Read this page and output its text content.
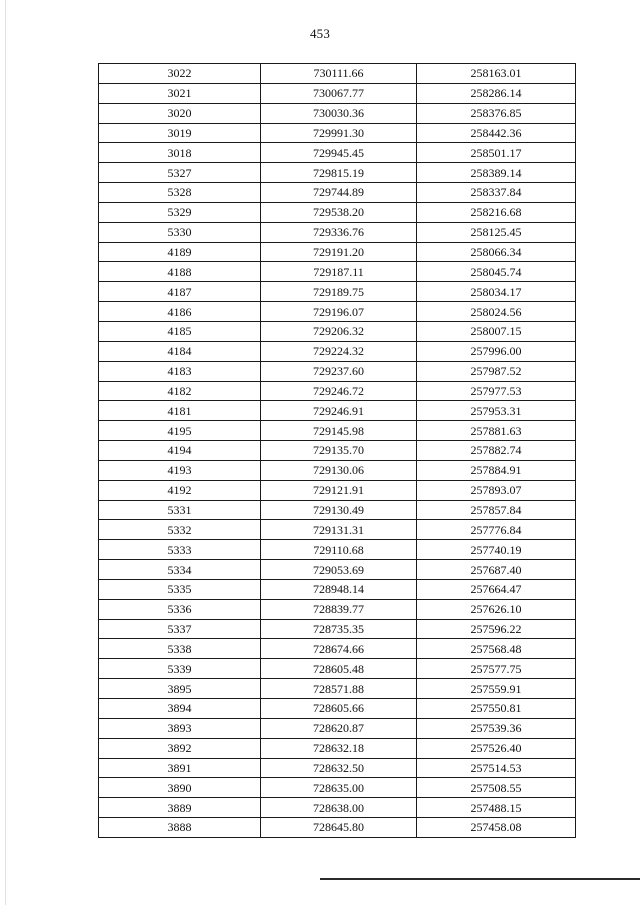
453
3022	730111.66	258163.01
3021	730067.77	258286.14
3020	730030.36	258376.85
3019	729991.30	258442.36
3018	729945.45	258501.17
5327	729815.19	258389.14
5328	729744.89	258337.84
5329	729538.20	258216.68
5330	729336.76	258125.45
4189	729191.20	258066.34
4188	729187.11	258045.74
4187	729189.75	258034.17
4186	729196.07	258024.56
4185	729206.32	258007.15
4184	729224.32	257996.00
4183	729237.60	257987.52
4182	729246.72	257977.53
4181	729246.91	257953.31
4195	729145.98	257881.63
4194	729135.70	257882.74
4193	729130.06	257884.91
4192	729121.91	257893.07
5331	729130.49	257857.84
5332	729131.31	257776.84
5333	729110.68	257740.19
5334	729053.69	257687.40
5335	728948.14	257664.47
5336	728839.77	257626.10
5337	728735.35	257596.22
5338	728674.66	257568.48
5339	728605.48	257577.75
3895	728571.88	257559.91
3894	728605.66	257550.81
3893	728620.87	257539.36
3892	728632.18	257526.40
3891	728632.50	257514.53
3890	728635.00	257508.55
3889	728638.00	257488.15
3888	728645.80	257458.08
